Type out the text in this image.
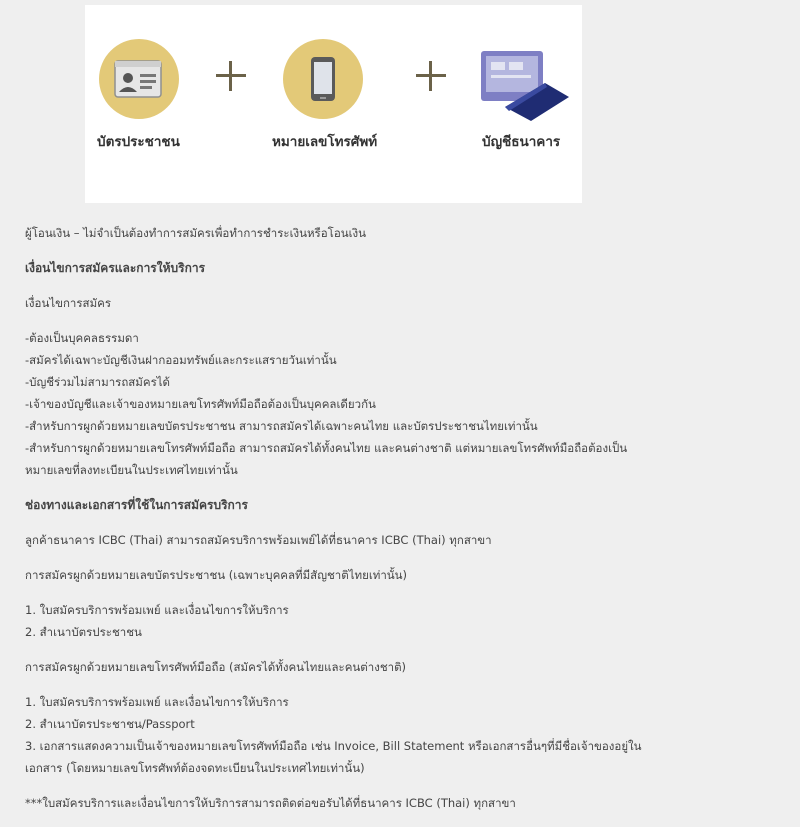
บัตรประชาชน	หมายเลขโทรศัพท์	บัญชีธนาคาร

ผู้โอนเงิน – ไม่จำเป็นต้องทำการสมัครเพื่อทำการชำระเงินหรือโอนเงิน

เงื่อนไขการสมัครและการให้บริการ

เงื่อนไขการสมัคร

-ต้องเป็นบุคคลธรรมดา
-สมัครได้เฉพาะบัญชีเงินฝากออมทรัพย์และกระแสรายวันเท่านั้น
-บัญชีร่วมไม่สามารถสมัครได้
-เจ้าของบัญชีและเจ้าของหมายเลขโทรศัพท์มือถือต้องเป็นบุคคลเดียวกัน
-สำหรับการผูกด้วยหมายเลขบัตรประชาชน สามารถสมัครได้เฉพาะคนไทย และบัตรประชาชนไทยเท่านั้น
-สำหรับการผูกด้วยหมายเลขโทรศัพท์มือถือ สามารถสมัครได้ทั้งคนไทย และคนต่างชาติ แต่หมายเลขโทรศัพท์มือถือต้องเป็น
หมายเลขที่ลงทะเบียนในประเทศไทยเท่านั้น

ช่องทางและเอกสารที่ใช้ในการสมัครบริการ

ลูกค้าธนาคาร ICBC (Thai) สามารถสมัครบริการพร้อมเพย์ได้ที่ธนาคาร ICBC (Thai) ทุกสาขา

การสมัครผูกด้วยหมายเลขบัตรประชาชน (เฉพาะบุคคลที่มีสัญชาติไทยเท่านั้น)

1. ใบสมัครบริการพร้อมเพย์ และเงื่อนไขการให้บริการ
2. สำเนาบัตรประชาชน

การสมัครผูกด้วยหมายเลขโทรศัพท์มือถือ (สมัครได้ทั้งคนไทยและคนต่างชาติ)

1. ใบสมัครบริการพร้อมเพย์ และเงื่อนไขการให้บริการ
2. สำเนาบัตรประชาชน/Passport
3. เอกสารแสดงความเป็นเจ้าของหมายเลขโทรศัพท์มือถือ เช่น Invoice, Bill Statement หรือเอกสารอื่นๆที่มีชื่อเจ้าของอยู่ใน
เอกสาร (โดยหมายเลขโทรศัพท์ต้องจดทะเบียนในประเทศไทยเท่านั้น)

***ใบสมัครบริการและเงื่อนไขการให้บริการสามารถติดต่อขอรับได้ที่ธนาคาร ICBC (Thai) ทุกสาขา
